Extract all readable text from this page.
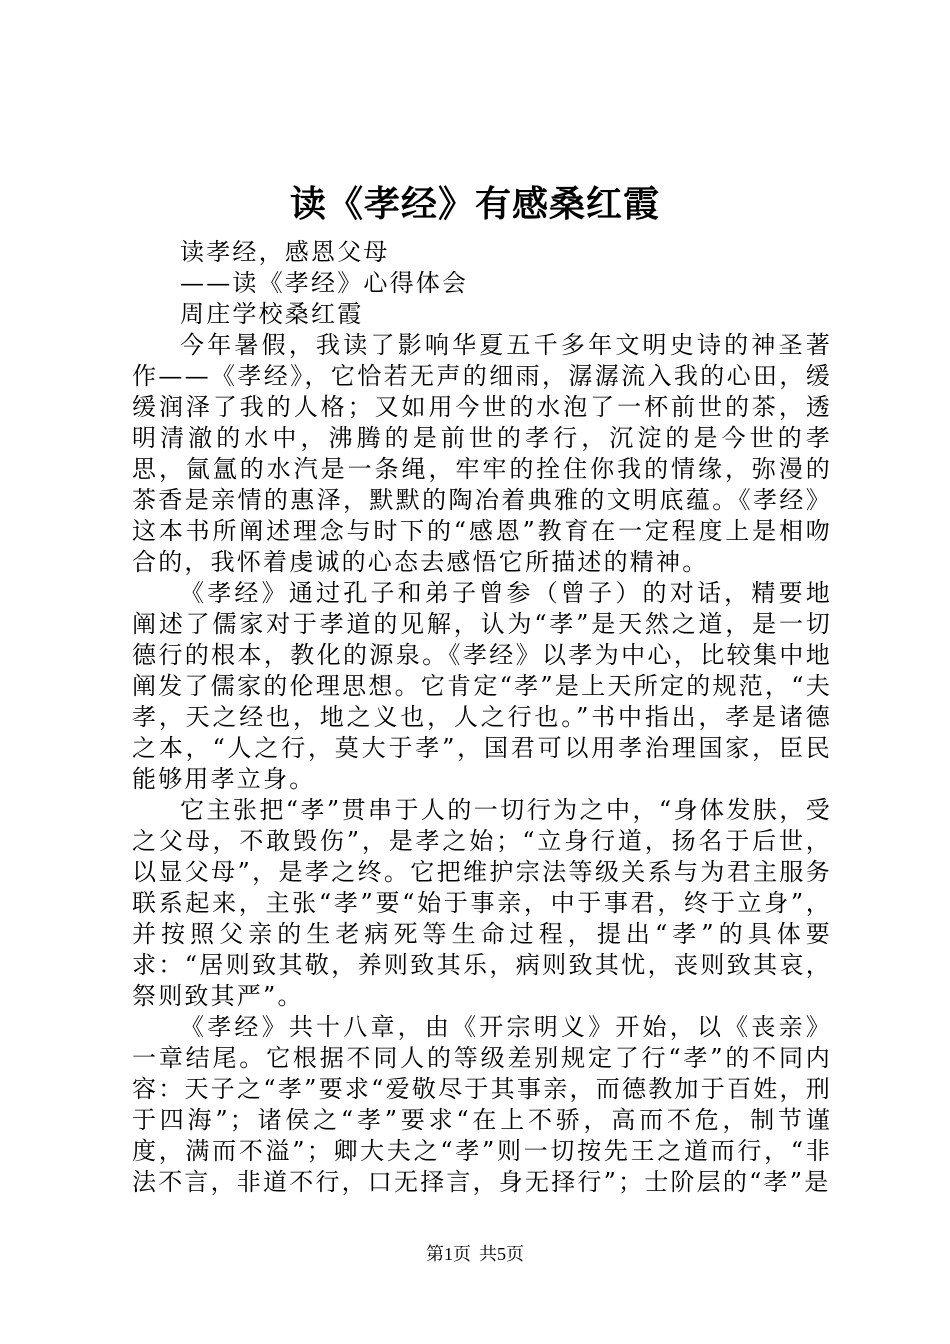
读《孝经》有感桑红霞

读孝经，感恩父母

——读《孝经》心得体会

周庄学校桑红霞

今年暑假，我读了影响华夏五千多年文明史诗的神圣著作——《孝经》，它恰若无声的细雨，潺潺流入我的心田，缓缓润泽了我的人格；又如用今世的水泡了一杯前世的茶，透明清澈的水中，沸腾的是前世的孝行，沉淀的是今世的孝思，氤氲的水汽是一条绳，牢牢的拴住你我的情缘，弥漫的茶香是亲情的惠泽，默默的陶冶着典雅的文明底蕴。《孝经》这本书所阐述理念与时下的“感恩”教育在一定程度上是相吻合的，我怀着虔诚的心态去感悟它所描述的精神。

《孝经》通过孔子和弟子曾参（曾子）的对话，精要地阐述了儒家对于孝道的见解，认为“孝”是天然之道，是一切德行的根本，教化的源泉。《孝经》以孝为中心，比较集中地阐发了儒家的伦理思想。它肯定“孝”是上天所定的规范，“夫孝，天之经也，地之义也，人之行也。”书中指出，孝是诸德之本，“人之行，莫大于孝”，国君可以用孝治理国家，臣民能够用孝立身。

它主张把“孝”贯串于人的一切行为之中，“身体发肤，受之父母，不敢毁伤”，是孝之始；“立身行道，扬名于后世，以显父母”，是孝之终。它把维护宗法等级关系与为君主服务联系起来，主张“孝”要“始于事亲，中于事君，终于立身”，并按照父亲的生老病死等生命过程，提出“孝”的具体要求：“居则致其敬，养则致其乐，病则致其忧，丧则致其哀，祭则致其严”。

《孝经》共十八章，由《开宗明义》开始，以《丧亲》一章结尾。它根据不同人的等级差别规定了行“孝”的不同内容：天子之“孝”要求“爱敬尽于其事亲，而德教加于百姓，刑于四海”；诸侯之“孝”要求“在上不骄，高而不危，制节谨度，满而不溢”；卿大夫之“孝”则一切按先王之道而行，“非法不言，非道不行，口无择言，身无择行”；士阶层的“孝”是

第1页 共5页
